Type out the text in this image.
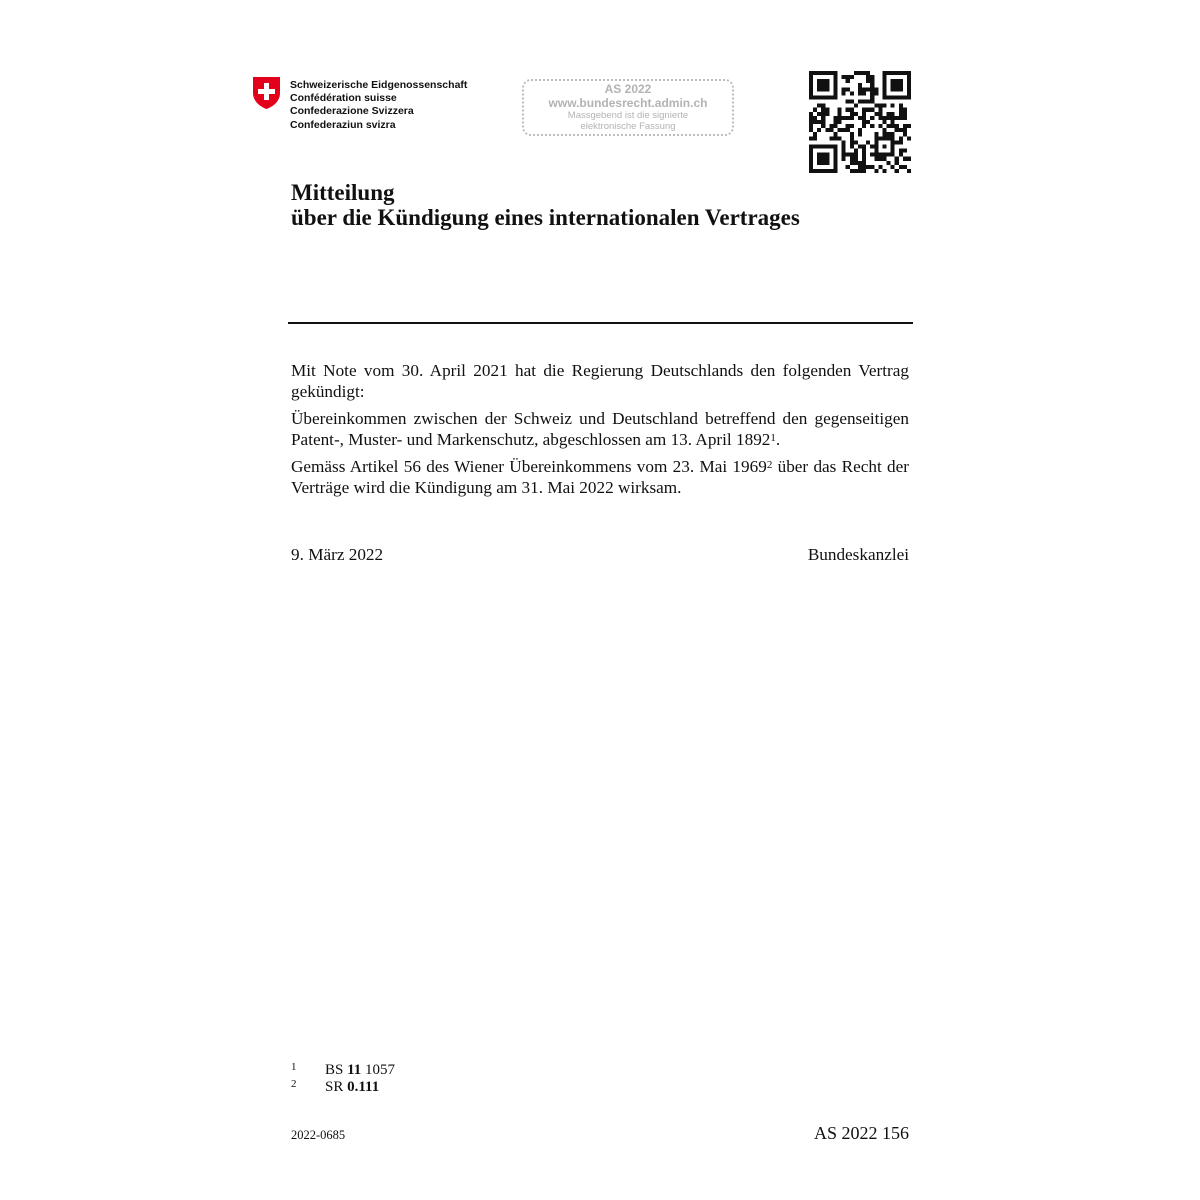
Schweizerische Eidgenossenschaft
Confédération suisse
Confederazione Svizzera
Confederaziun svizra
AS 2022
www.bundesrecht.admin.ch
Massgebend ist die signierte
elektronische Fassung
Mitteilung
über die Kündigung eines internationalen Vertrages

Mit Note vom 30. April 2021 hat die Regierung Deutschlands den folgenden Vertrag gekündigt:

Übereinkommen zwischen der Schweiz und Deutschland betreffend den gegenseitigen Patent-, Muster- und Markenschutz, abgeschlossen am 13. April 1892$^1$.

Gemäss Artikel 56 des Wiener Übereinkommens vom 23. Mai 1969$^2$ über das Recht der Verträge wird die Kündigung am 31. Mai 2022 wirksam.

9. März 2022	Bundeskanzlei
1	BS 11 1057
2	SR 0.111
2022-0685	AS 2022 156
